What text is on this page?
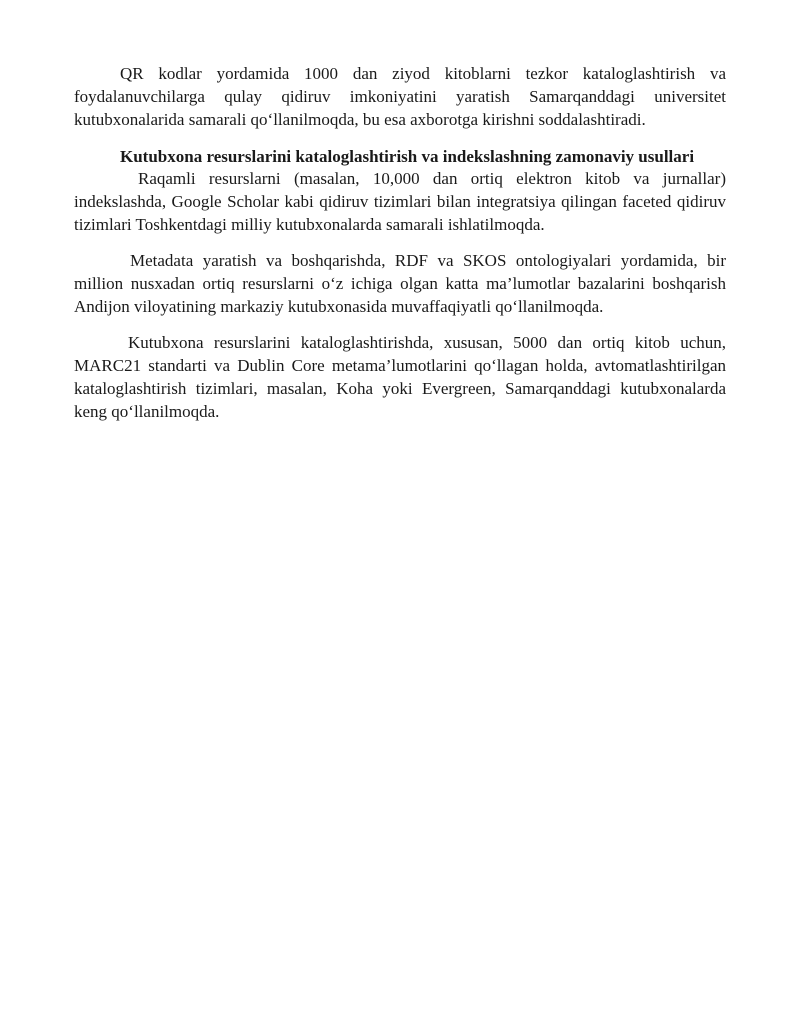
QR kodlar yordamida 1000 dan ziyod kitoblarni tezkor kataloglashtirish va foydalanuvchilarga qulay qidiruv imkoniyatini yaratish Samarqanddagi universitet kutubxonalarida samarali qo‘llanilmoqda, bu esa axborotga kirishni soddalashtiradi.

Kutubxona resurslarini kataloglashtirish va indekslashning zamonaviy usullari

Raqamli resurslarni (masalan, 10,000 dan ortiq elektron kitob va jurnallar) indekslashda, Google Scholar kabi qidiruv tizimlari bilan integratsiya qilingan faceted qidiruv tizimlari Toshkentdagi milliy kutubxonalarda samarali ishlatilmoqda.

Metadata yaratish va boshqarishda, RDF va SKOS ontologiyalari yordamida, bir million nusxadan ortiq resurslarni o‘z ichiga olgan katta ma’lumotlar bazalarini boshqarish Andijon viloyatining markaziy kutubxonasida muvaffaqiyatli qo‘llanilmoqda.

Kutubxona resurslarini kataloglashtirishda, xususan, 5000 dan ortiq kitob uchun, MARC21 standarti va Dublin Core metama’lumotlarini qo‘llagan holda, avtomatlashtirilgan kataloglashtirish tizimlari, masalan, Koha yoki Evergreen, Samarqanddagi kutubxonalarda keng qo‘llanilmoqda.
